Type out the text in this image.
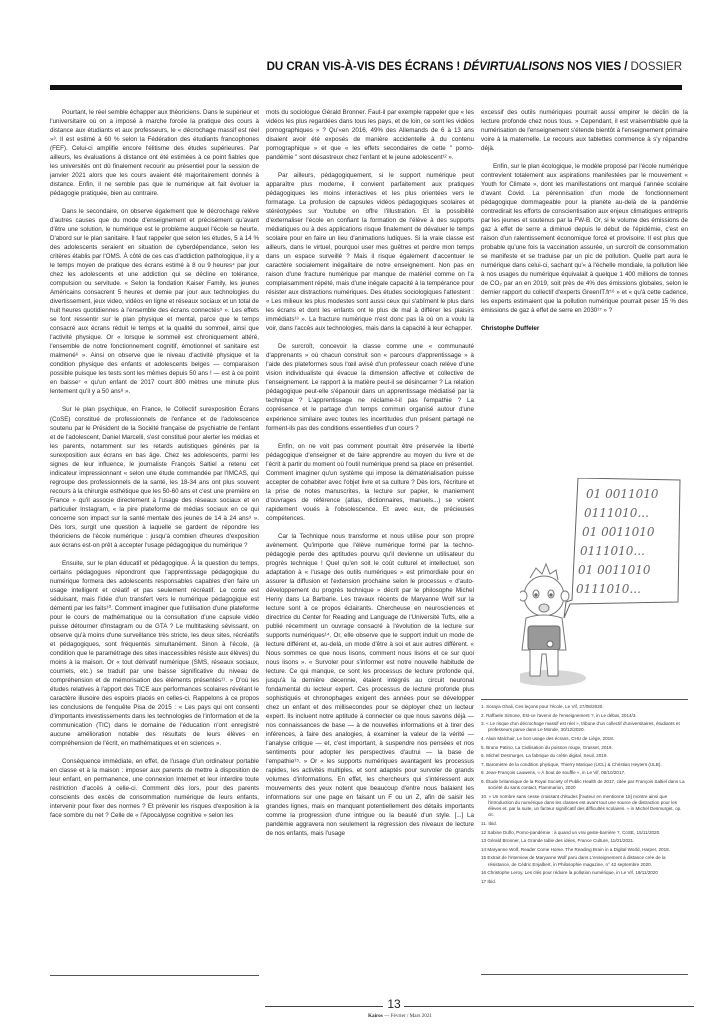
DU CRAN VIS-À-VIS DES ÉCRANS ! DÉVIRTUALISONS NOS VIES / DOSSIER

Pourtant, le réel semble échapper aux théoriciens. Dans le supérieur et l'universitaire où on a imposé à marche forcée la pratique des cours à distance aux étudiants et aux professeurs, le « décrochage massif est réel »³. Il est estimé à 60 % selon la Fédération des étudiants francophones (FEF). Celui-ci amplifie encore l'élitisme des études supérieures. Par ailleurs, les évaluations à distance ont été estimées à ce point fiables que les universités ont dû finalement recourir au présentiel pour la session de janvier 2021 alors que les cours avaient été majoritairement donnés à distance. Enfin, il ne semble pas que le numérique ait fait évoluer la pédagogie pratiquée, bien au contraire.

Dans le secondaire, on observe également que le décrochage relève d'autres causes que du mode d'enseignement et précisément qu'avant d'être une solution, le numérique est le problème auquel l'école se heurte. D'abord sur le plan sanitaire. Il faut rappeler que selon les études, 5 à 14 % des adolescents seraient en situation de cyberdépendance, selon les critères établis par l'OMS. À côté de ces cas d'addiction pathologique, il y a le temps moyen de pratique des écrans estimé à 8 ou 9 heures⁴ par jour chez les adolescents et une addiction qui se décline en tolérance, compulsion ou servitude. « Selon la fondation Kaiser Family, les jeunes Américains consacrent 5 heures et demie par jour aux technologies du divertissement, jeux video, vidéos en ligne et réseaux sociaux et un total de huit heures quotidiennes à l'ensemble des écrans connectés⁵ ». Les effets se font ressentir sur le plan physique et mental, parce que le temps consacré aux écrans réduit le temps et la qualité du sommeil, ainsi que l'activité physique. Or « lorsque le sommeil est chroniquement altéré, l'ensemble de notre fonctionnement cognitif, émotionnel et sanitaire est malmené⁶ ». Ainsi on observe que le niveau d'activité physique et la condition physique des enfants et adolescents belges — comparaison possible puisque les tests sont les mêmes depuis 50 ans ! — est à ce point en baisse⁷ « qu'un enfant de 2017 court 800 mètres une minute plus lentement qu'il y a 50 ans⁸ ».

Sur le plan psychique, en France, le Collectif surexposition Écrans (CoSE) constitué de professionnels de l'enfance et de l'adolescence soutenu par le Président de la Société française de psychiatrie de l'enfant et de l'adolescent, Daniel Marcelli, s'est constitué pour alerter les médias et les parents, notamment sur les retards autistiques générés par la surexposition aux écrans en bas âge. Chez les adolescents, parmi les signes de leur influence, le journaliste François Saltiel a retenu cet indicateur impressionnant « selon une étude commandée par l'IMCAS, qui regroupe des professionnels de la santé, les 18-34 ans ont plus souvent recours à la chirurgie esthétique que les 50-60 ans et c'est une première en France » qu'il associe directement à l'usage des réseaux sociaux et en particulier Instagram, « la pire plateforme de médias sociaux en ce qui concerne son impact sur la santé mentale des jeunes de 14 à 24 ans⁹ ». Dès lors, surgit une question à laquelle se gardent de répondre les théoriciens de l'école numérique : jusqu'à combien d'heures d'exposition aux écrans est-on prêt à accepter l'usage pédagogique du numérique ?

Ensuite, sur le plan éducatif et pédagogique. À la question du temps, certains pédagogues répondront que l'apprentissage pédagogique du numérique formera des adolescents responsables capables d'en faire un usage intelligent et créatif et pas seulement récréatif. Le conte est séduisant, mais l'idée d'un transfert vers le numérique pédagogique est démenti par les faits¹⁰. Comment imaginer que l'utilisation d'une plateforme pour le cours de mathématique ou la consultation d'une capsule vidéo puisse détourner d'Instagram ou de GTA ? Le multitasking sévissant, on observe qu'à moins d'une surveillance très stricte, les deux sites, récréatifs et pédagogiques, sont fréquentés simultanément. Sinon à l'école, (à condition que le paramétrage des sites inaccessibles résiste aux élèves) du moins à la maison. Or « tout dérivatif numérique (SMS, réseaux sociaux, courriels, etc.) se traduit par une baisse significative du niveau de compréhension et de mémorisation des éléments présentés¹¹. » D'où les études relatives à l'apport des TICE aux performances scolaires révélant le caractère illusoire des espoirs placés en celles-ci. Rappelons à ce propos les conclusions de l'enquête Pisa de 2015 : « Les pays qui ont consenti d'importants investissements dans les technologies de l'information et de la communication (TIC) dans le domaine de l'éducation n'ont enregistré aucune amélioration notable des résultats de leurs élèves en compréhension de l'écrit, en mathématiques et en sciences ».

Conséquence immédiate, en effet, de l'usage d'un ordinateur portable en classe et à la maison : imposer aux parents de mettre à disposition de leur enfant, en permanence, une connexion Internet et leur interdire toute restriction d'accès à celle-ci. Comment dès lors, pour des parents conscients des excès de consommation numérique de leurs enfants, intervenir pour fixer des normes ? Et prévenir les risques d'exposition à la face sombre du net ? Celle de « l'Apocalypse cognitive » selon les

mots du sociologue Gérald Bronner. Faut-il par exemple rappeler que « les vidéos les plus regardées dans tous les pays, et de loin, ce sont les vidéos pornographiques » ? Qu'«en 2016, 49% des Allemands de 6 à 13 ans disaient avoir été exposés de manière accidentelle à du contenu pornographique » et que « les effets secondaires de cette " porno-pandémie " sont désastreux chez l'enfant et le jeune adolescent¹² ».

Par ailleurs, pédagogiquement, si le support numérique peut apparaître plus moderne, il convient parfaitement aux pratiques pédagogiques les moins interactives et les plus orientées vers le formatage. La profusion de capsules vidéos pédagogiques scolaires et stéréotypées sur Youtube en offre l'illustration. Et la possibilité d'externaliser l'école en confiant la formation de l'élève à des supports médiatiques ou à des applications risque finalement de dévaluer le temps scolaire pour en faire un lieu d'animations ludiques. Si la vraie classe est ailleurs, dans le virtuel, pourquoi user mes guêtres et perdre mon temps dans un espace surveillé ? Mais il risque également d'accentuer le caractère socialement inégalitaire de notre enseignement. Non pas en raison d'une fracture numérique par manque de matériel comme on l'a complaisamment répété, mais d'une inégale capacité à la tempérance pour résister aux distractions numériques. Des études sociologiques l'attestent : « Les milieux les plus modestes sont aussi ceux qui s'abîment le plus dans les écrans et dont les enfants ont le plus de mal à différer les plaisirs immédiats¹³ ». La fracture numérique n'est donc pas là où on a voulu la voir, dans l'accès aux technologies, mais dans la capacité à leur échapper.

De surcroît, concevoir la classe comme une « communauté d'apprenants » où chacun construit son « parcours d'apprentissage » à l'aide des plateformes sous l'œil avisé d'un professeur coach relève d'une vision individualiste qui évacue la dimension affective et collective de l'enseignement. Le rapport à la matière peut-il se désincarner ? La relation pédagogique peut-elle s'épanouir dans un apprentissage médiatisé par la technique ? L'apprentissage ne réclame-t-il pas l'empathie ? La coprésence et le partage d'un temps commun organisé autour d'une expérience similaire avec toutes les incertitudes d'un présent partagé ne forment-ils pas des conditions essentielles d'un cours ?

Enfin, on ne voit pas comment pourrait être préservée la liberté pédagogique d'enseigner et de faire apprendre au moyen du livre et de l'écrit à partir du moment où l'outil numérique prend sa place en présentiel. Comment imaginer qu'un système qui impose la dématérialisation puisse accepter de cohabiter avec l'objet livre et sa culture ? Dès lors, l'écriture et la prise de notes manuscrites, la lecture sur papier, le maniement d'ouvrages de référence (atlas, dictionnaires, manuels...) se voient rapidement voués à l'obsolescence. Et avec eux, de précieuses compétences.

Car la Technique nous transforme et nous utilise pour son propre avènement. Qu'importe que l'élève numérique formé par la techno-pédagogie perde des aptitudes pourvu qu'il devienne un utilisateur du progrès technique ! Quel qu'en soit le coût culturel et intellectuel, son adaptation à « l'usage des outils numériques » est primordiale pour en assurer la diffusion et l'extension prochaine selon le processus « d'auto-développement du progrès technique » décrit par le philosophe Michel Henry dans La Barbarie. Les travaux récents de Maryanne Wolf sur la lecture sont à ce propos éclairants. Chercheuse en neurosciences et directrice du Center for Reading and Language de l'Université Tufts, elle a publié récemment un ouvrage consacré à l'évolution de la lecture sur supports numériques¹⁴. Or, elle observe que le support induit un mode de lecture différent et, au-delà, un mode d'être à soi et aux autres différent. « Nous sommes ce que nous lisons, comment nous lisons et ce sur quoi nous lisons ». « Survoler pour s'informer est notre nouvelle habitude de lecture. Ce qui manque, ce sont les processus de lecture profonde qui, jusqu'à la dernière décennie, étaient intégrés au circuit neuronal fondamental du lecteur expert. Ces processus de lecture profonde plus sophistiqués et chronophages exigent des années pour se développer chez un enfant et des millisecondes pour se déployer chez un lecteur expert. Ils incluent notre aptitude à connecter ce que nous savons déjà — nos connaissances de base — à de nouvelles informations et à tirer des inférences, à faire des analogies, à examiner la valeur de la vérité — l'analyse critique — et, c'est important, à suspendre nos pensées et nos sentiments pour adopter les perspectives d'autrui — la base de l'empathie¹⁵. » Or « les supports numériques avantagent les processus rapides, les activités multiples, et sont adaptés pour survoler de grands volumes d'informations. En effet, les chercheurs qui s'intéressent aux mouvements des yeux notent que beaucoup d'entre nous balaient les informations sur une page en faisant un F ou un Z, afin de saisir les grandes lignes, mais en manquant potentiellement des détails importants comme la progression d'une intrigue ou la beauté d'un style. [...] La pandémie aggravera non seulement la régression des niveaux de lecture de nos enfants, mais l'usage

excessif des outils numériques pourrait aussi empirer le déclin de la lecture profonde chez nous tous. » Cependant, il est vraisemblable que la numérisation de l'enseignement s'étende bientôt à l'enseignement primaire voire à la maternelle. Le recours aux tablettes commence à s'y répandre déjà.

Enfin, sur le plan écologique, le modèle proposé par l'école numérique contrevient totalement aux aspirations manifestées par le mouvement « Youth for Climate », dont les manifestations ont marqué l'année scolaire d'avant Covid. La pérennisation d'un mode de fonctionnement pédagogique dommageable pour la planète au-delà de la pandémie contredirait les efforts de conscientisation aux enjeux climatiques entrepris par les jeunes et soutenus par la FW-B. Or, si le volume des émissions de gaz à effet de serre a diminué depuis le début de l'épidémie, c'est en raison d'un ralentissement économique forcé et provisoire. Il est plus que probable qu'une fois la vaccination assurée, un surcroît de consommation se manifeste et se traduise par un pic de pollution. Quelle part aura le numérique dans celui-ci, sachant qu'« à l'échelle mondiale, la pollution liée à nos usages du numérique équivalait à quelque 1 400 millions de tonnes de CO₂ par an en 2019, soit près de 4% des émissions globales, selon le dernier rapport du collectif d'experts GreenIT.fr¹⁶ » et « qu'à cette cadence, les experts estimaient que la pollution numérique pourrait peser 15 % des émissions de gaz à effet de serre en 2030¹⁷ » ?

Christophe Duffeler

01 0011010
0111010...
01 0011010
0111010...
01 0011010
0111010...
1. Soraya Ghali, Ces leçons pour l'école, Le Vif, 27/08/2020.
2. Raffaele Simone, Est-ce l'avenir de l'enseignement ?, in Le débat, 2014/3.
3. « Le risque d'un décrochage massif est réel », tribune d'un collectif d'universitaires, étudiants et professeurs parue dans Le Monde, 30/12/2020.
4. Alain Malchair, Le bon usage des écrans, CHU de Liège, 2018.
5. Bruno Patino, La Civilisation du poisson rouge, Grasset, 2019.
6. Michel Desmurget, La fabrique du crétin digital, Seuil, 2019.
7. Baromètre de la condition physique, Thierry Marique (UCL) & Christian Heyters (ULB).
8. Jean-François Lauwens, « À bout de souffle », in Le Vif, 06/10/2017.
9. Étude britannique de la Royal Society of Public Health de 2017, citée par François Saltiel dans La société du sans contact, Flammarion, 2020
10. « Un nombre sans cesse croissant d'études [l'auteur en mentionne 15] montre ainsi que l'introduction du numérique dans les classes est avant tout une source de distraction pour les élèves et, par la suite, un facteur significatif des difficultés scolaires. » in Michel Desmurget, op. cit.
11. Ibid.
12 Sabine Duflo, Porno-pandémie : à quand un vrai geste-barrière ?, CoSE, 15/11/2020.
13 Gérald Bronner, La Grande table des idées, France Culture, 11/01/2021.
14 Maryanne Wolf, Reader Come Home. The Reading Brain in a Digital World, Harper, 2018.
15 Extrait de l'interview de Maryanne Wolf paru dans L'enseignement à distance crée de la résistance, de Cédric Enjalbert, in Philosophie magazine, n° 42 septembre 2020.
16 Christophe Leroy, Les clés pour réduire la pollution numérique, in Le Vif, 19/11/2020
17 Ibid.
13
Kairos — Février / Mars 2021
